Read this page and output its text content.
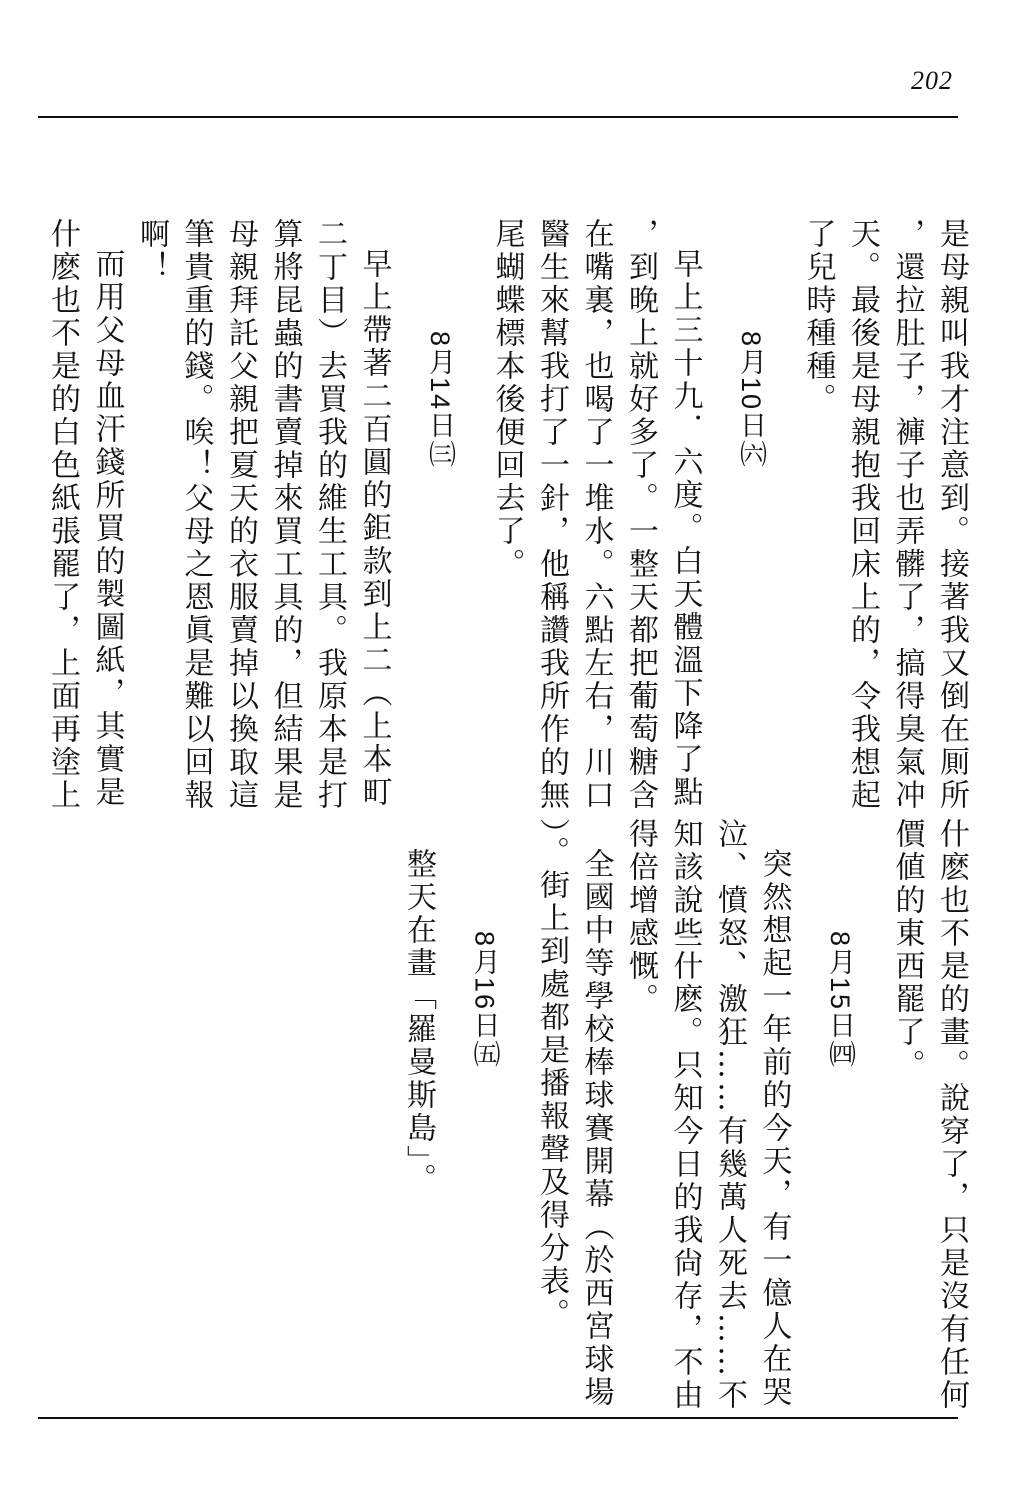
202
是母親叫我才注意到。接著我又倒在厠所
，還拉肚子，褲子也弄髒了，搞得臭氣冲
天。最後是母親抱我回床上的，令我想起
了兒時種種。
8月10日㈥
早上三十九．六度。白天體溫下降了點
，到晚上就好多了。一整天都把葡萄糖含
在嘴裏，也喝了一堆水。六點左右，川口
醫生來幫我打了一針，他稱讚我所作的無
尾蝴蝶標本後便回去了。
8月14日㈢
早上帶著二百圓的鉅款到上二（上本町
二丁目）去買我的維生工具。我原本是打
算將昆蟲的書賣掉來買工具的，但結果是
母親拜託父親把夏天的衣服賣掉以換取這
筆貴重的錢。唉！父母之恩眞是難以回報
啊！
而用父母血汗錢所買的製圖紙，其實是
什麽也不是的白色紙張罷了，上面再塗上
什麽也不是的畫。說穿了，只是沒有任何
價値的東西罷了。
8月15日㈣
突然想起一年前的今天，有一億人在哭
泣、憤怒、激狂……有幾萬人死去……不
知該說些什麽。只知今日的我尙存，不由
得倍增感慨。
全國中等學校棒球賽開幕（於西宮球場
）。街上到處都是播報聲及得分表。
8月16日㈤
整天在畫「羅曼斯島」。
